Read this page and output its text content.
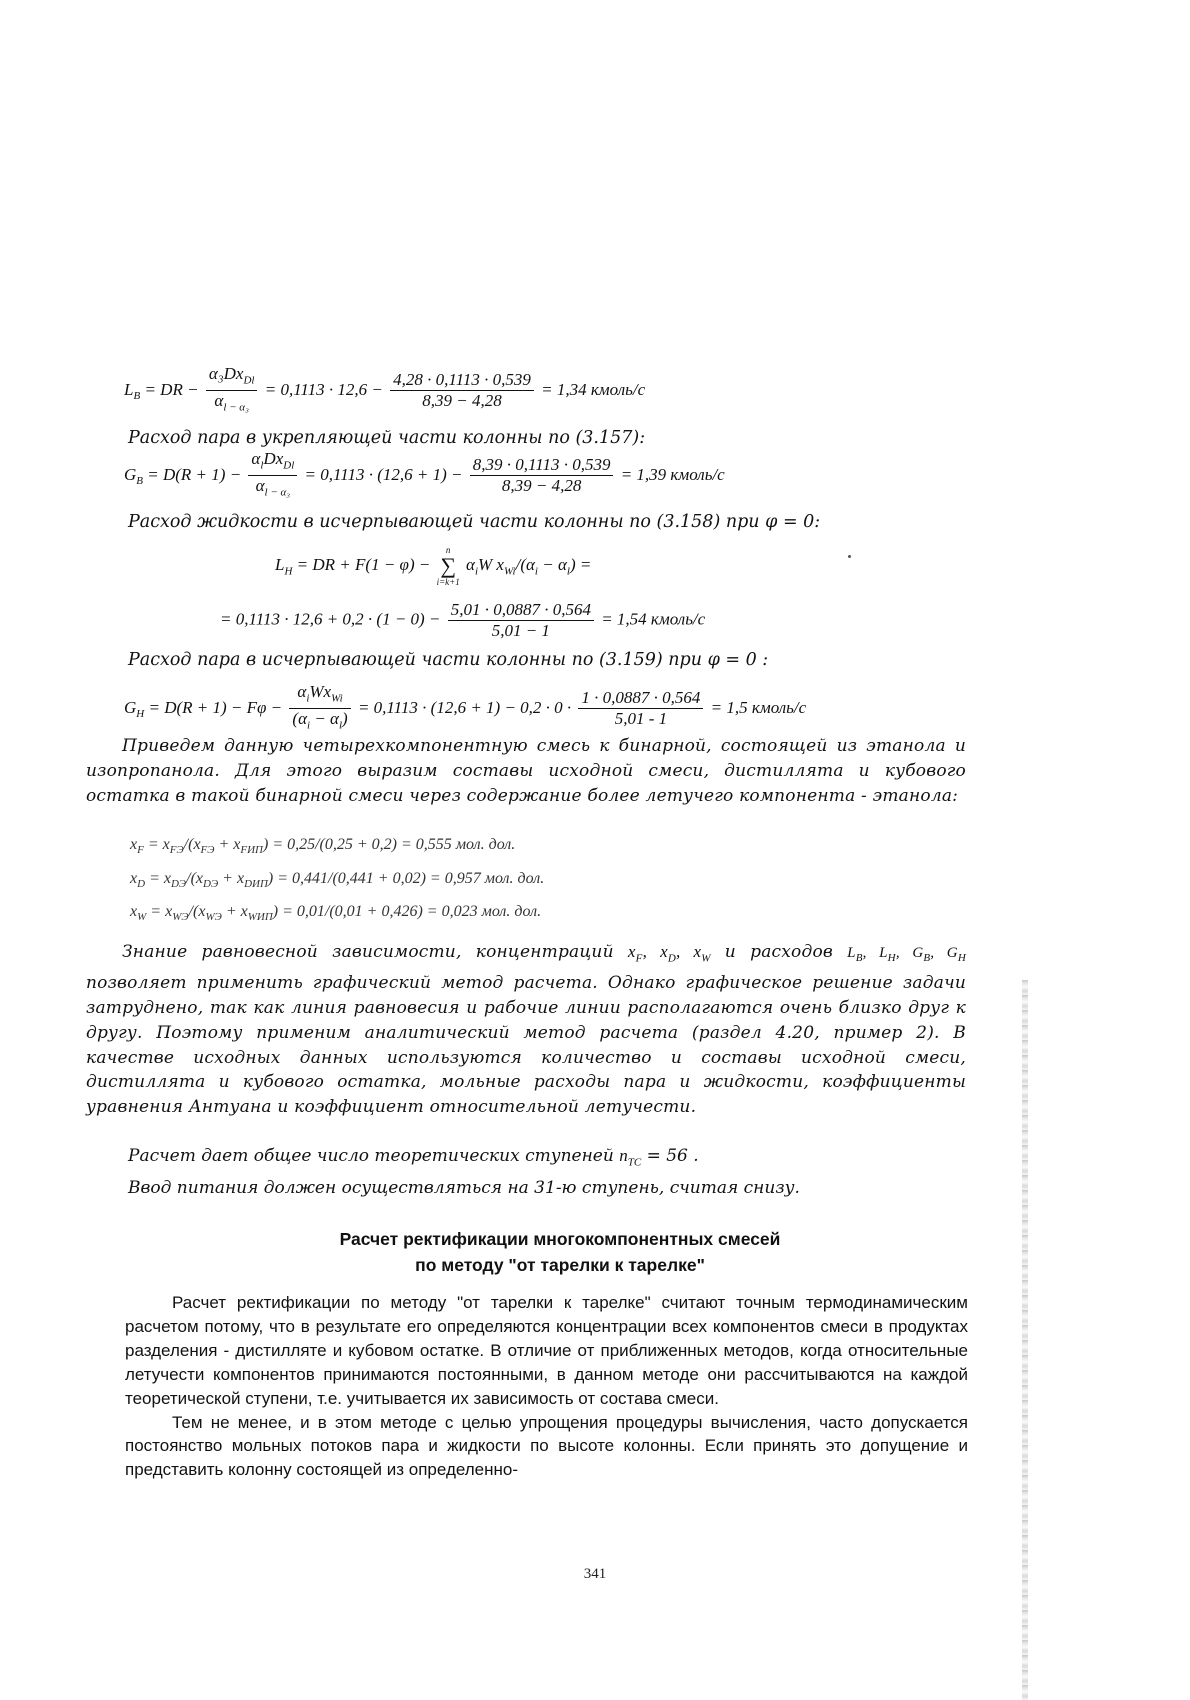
$L_В$ = DR − $\frac{\alpha_3Dx_{Dl}}{\alpha_{l - \alpha_3}} = 0,1113 \cdot 12,6 - \frac{4,28 \cdot 0,1113 \cdot 0,539}{8,39 - 4,28} = 1,34$ кмоль/с
Расход пара в укрепляющей части колонны по (3.157):
$G_В = D(R + 1) - \frac{\alpha_lDx_{Dl}}{\alpha_{l - \alpha_3}} = 0,1113 \cdot (12,6 + 1) - \frac{8,39 \cdot 0,1113 \cdot 0,539}{8,39 - 4,28} = 1,39$ кмоль/с
Расход жидкости в исчерпывающей части колонны по (3.158) при φ = 0:
$L_Н$ = DR + F(1 − φ) −
n
∑
i=k+1
$\alpha_iW$ $x_{Wi}/(\alpha_i - \alpha_l)$ =
= $0,1113 \cdot 12,6 + 0,2 \cdot (1 - 0) - \frac{5,01 \cdot 0,0887 \cdot 0,564}{5,01 - 1} = 1,54$ кмоль/с
Расход пара в исчерпывающей части колонны по (3.159) при φ = 0 :
$G_Н = D(R + 1) - F\varphi - \frac{\alpha_iWx_{Wi}}{(\alpha_i - \alpha_l)} = 0,1113 \cdot (12,6 + 1) - 0,2 \cdot 0 \cdot \frac{1 \cdot 0,0887 \cdot 0,564}{5,01 - 1} = 1,5$ кмоль/с

Приведем данную четырехкомпонентную смесь к бинарной, состоящей из этанола и изопропанола. Для этого выразим составы исходной смеси, дистиллята и кубового остатка в такой бинарной смеси через содержание более летучего компонента - этанола:

$x_F = x_{FЭ}/(x_{FЭ} + x_{FИП}) = 0,25/(0,25 + 0,2) = 0,555$ мол. дол.
$x_D = x_{DЭ}/(x_{DЭ} + x_{DИП}) = 0,441/(0,441 + 0,02) = 0,957$ мол. дол.
$x_W = x_{WЭ}/(x_{WЭ} + x_{WИП}) = 0,01/(0,01 + 0,426) = 0,023$ мол. дол.

Знание равновесной зависимости, концентраций $x_F$, $x_D$, $x_W$ и расходов $L_В$, $L_Н$, $G_В$, $G_Н$ позволяет применить графический метод расчета. Однако графическое решение задачи затруднено, так как линия равновесия и рабочие линии располагаются очень близко друг к другу. Поэтому применим аналитический метод расчета (раздел 4.20, пример 2). В качестве исходных данных используются количество и составы исходной смеси, дистиллята и кубового остатка, мольные расходы пара и жидкости, коэффициенты уравнения Антуана и коэффициент относительной летучести.

Расчет дает общее число теоретических ступеней $n_{ТС} = 56$ .
Ввод питания должен осуществляться на 31-ю ступень, считая снизу.
Расчет ректификации многокомпонентных смесей
по методу "от тарелки к тарелке"

Расчет ректификации по методу "от тарелки к тарелке" считают точным термодинамическим расчетом потому, что в результате его определяются концентрации всех компонентов смеси в продуктах разделения - дистилляте и кубовом остатке. В отличие от приближенных методов, когда относительные летучести компонентов принимаются постоянными, в данном методе они рассчитываются на каждой теоретической ступени, т.е. учитывается их зависимость от состава смеси.

Тем не менее, и в этом методе с целью упрощения процедуры вычисления, часто допускается постоянство мольных потоков пара и жидкости по высоте колонны. Если принять это допущение и представить колонну состоящей из определенно-

341
